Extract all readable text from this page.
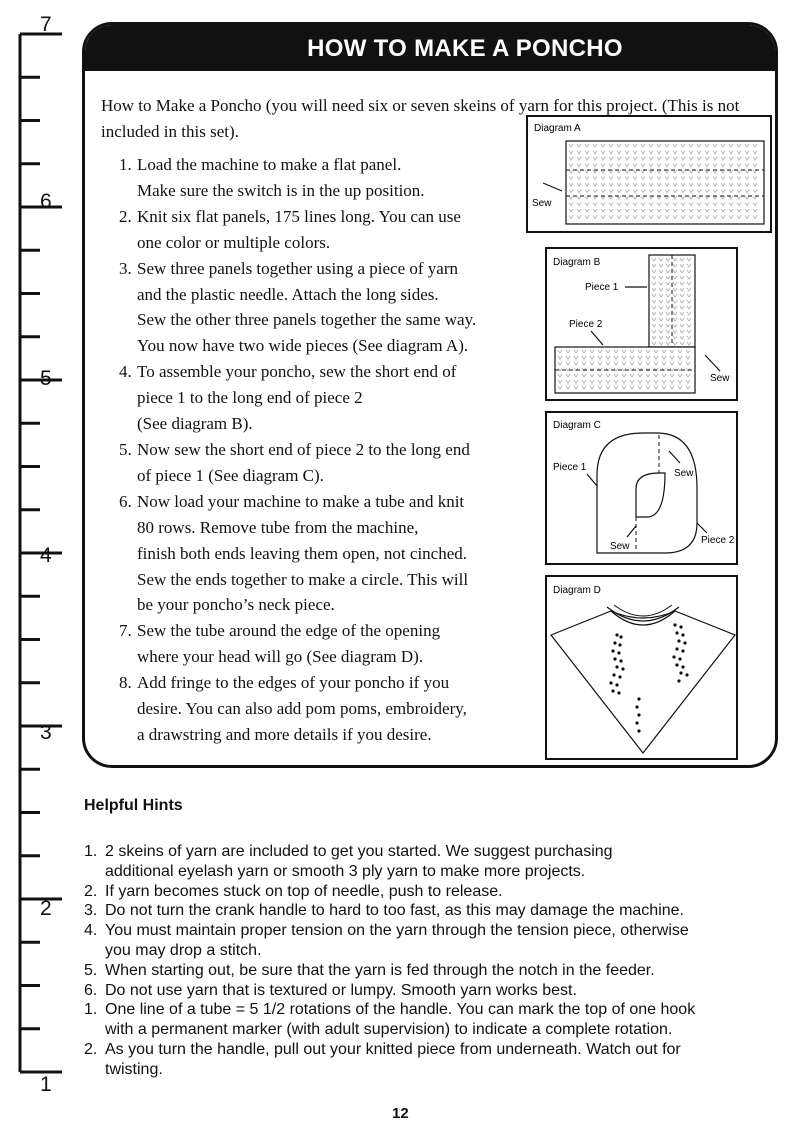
7
6
5
4
3
2
1
HOW TO MAKE A PONCHO
How to Make a Poncho (you will need six or seven skeins of yarn for this project. (This is not included in this set).
1. Load the machine to make a flat panel.
Make sure the switch is in the up position.
2. Knit six flat panels, 175 lines long. You can use
one color or multiple colors.
3. Sew three panels together using a piece of yarn
and the plastic needle. Attach the long sides.
Sew the other three panels together the same way.
You now have two wide pieces (See diagram A).
4. To assemble your poncho, sew the short end of
piece 1 to the long end of piece 2
(See diagram B).
5. Now sew the short end of piece 2 to the long end
of piece 1 (See diagram C).
6. Now load your machine to make a tube and knit
80 rows. Remove tube from the machine,
finish both ends leaving them open, not cinched.
Sew the ends together to make a circle. This will
be your poncho’s neck piece.
7. Sew the tube around the edge of the opening
where your head will go (See diagram D).
8. Add fringe to the edges of your poncho if you
desire. You can also add pom poms, embroidery,
a drawstring and more details if you desire.
Diagram A
Sew
Diagram B
Piece 1
Piece 2
Sew
Diagram C
Piece 1
Sew
Sew
Piece 2
Diagram D
Helpful Hints
1. 2 skeins of yarn are included to get you started. We suggest purchasing
additional eyelash yarn or smooth 3 ply yarn to make more projects.
2. If yarn becomes stuck on top of needle, push to release.
3. Do not turn the crank handle to hard to too fast, as this may damage the machine.
4. You must maintain proper tension on the yarn through the tension piece, otherwise
you may drop a stitch.
5. When starting out, be sure that the yarn is fed through the notch in the feeder.
6. Do not use yarn that is textured or lumpy. Smooth yarn works best.
1. One line of a tube = 5 1/2 rotations of the handle. You can mark the top of one hook
with a permanent marker (with adult supervision) to indicate a complete rotation.
2. As you turn the handle, pull out your knitted piece from underneath. Watch out for
twisting.
12
